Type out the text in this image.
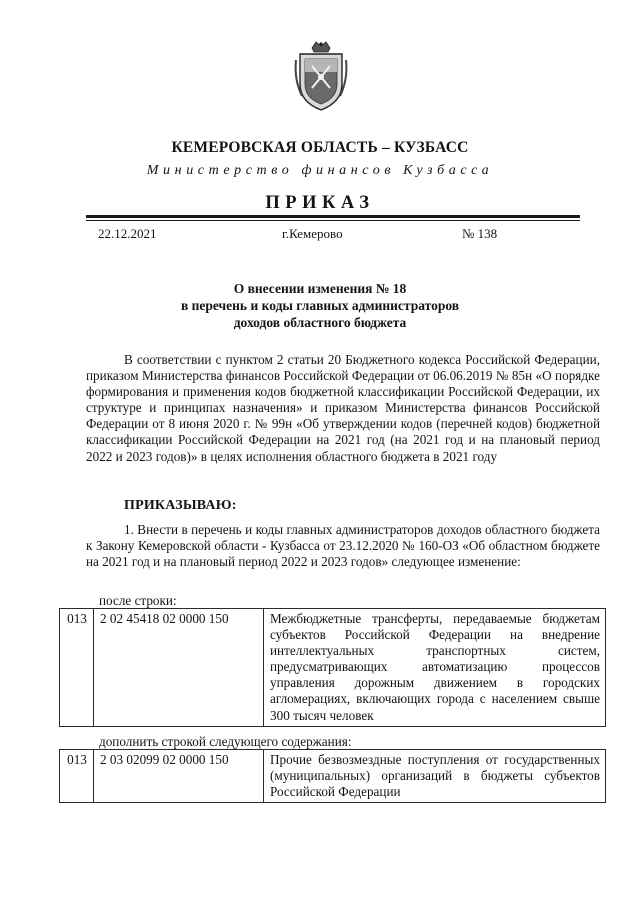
КЕМЕРОВСКАЯ ОБЛАСТЬ – КУЗБАСС
Министерство финансов Кузбасса
ПРИКАЗ
22.12.2021	г.Кемерово	№ 138
О внесении изменения № 18
в перечень и коды главных администраторов
доходов областного бюджета

В соответствии с пунктом 2 статьи 20 Бюджетного кодекса Российской Федерации, приказом Министерства финансов Российской Федерации от 06.06.2019 № 85н «О порядке формирования и применения кодов бюджетной классификации Российской Федерации, их структуре и принципах назначения» и приказом Министерства финансов Российской Федерации от 8 июня 2020 г. № 99н «Об утверждении кодов (перечней кодов) бюджетной классификации Российской Федерации на 2021 год (на 2021 год и на плановый период 2022 и 2023 годов)» в целях исполнения областного бюджета в 2021 году

ПРИКАЗЫВАЮ:

1. Внести в перечень и коды главных администраторов доходов областного бюджета к Закону Кемеровской области - Кузбасса от 23.12.2020 № 160-ОЗ «Об областном бюджете на 2021 год и на плановый период 2022 и 2023 годов» следующее изменение:

после строки:
013	2 02 45418 02 0000 150	Межбюджетные трансферты, передаваемые бюджетам субъектов Российской Федерации на внедрение интеллектуальных транспортных систем, предусматривающих автоматизацию процессов управления дорожным движением в городских агломерациях, включающих города с населением свыше 300 тысяч человек
дополнить строкой следующего содержания:
013	2 03 02099 02 0000 150	Прочие безвозмездные поступления от государственных (муниципальных) организаций в бюджеты субъектов Российской Федерации
